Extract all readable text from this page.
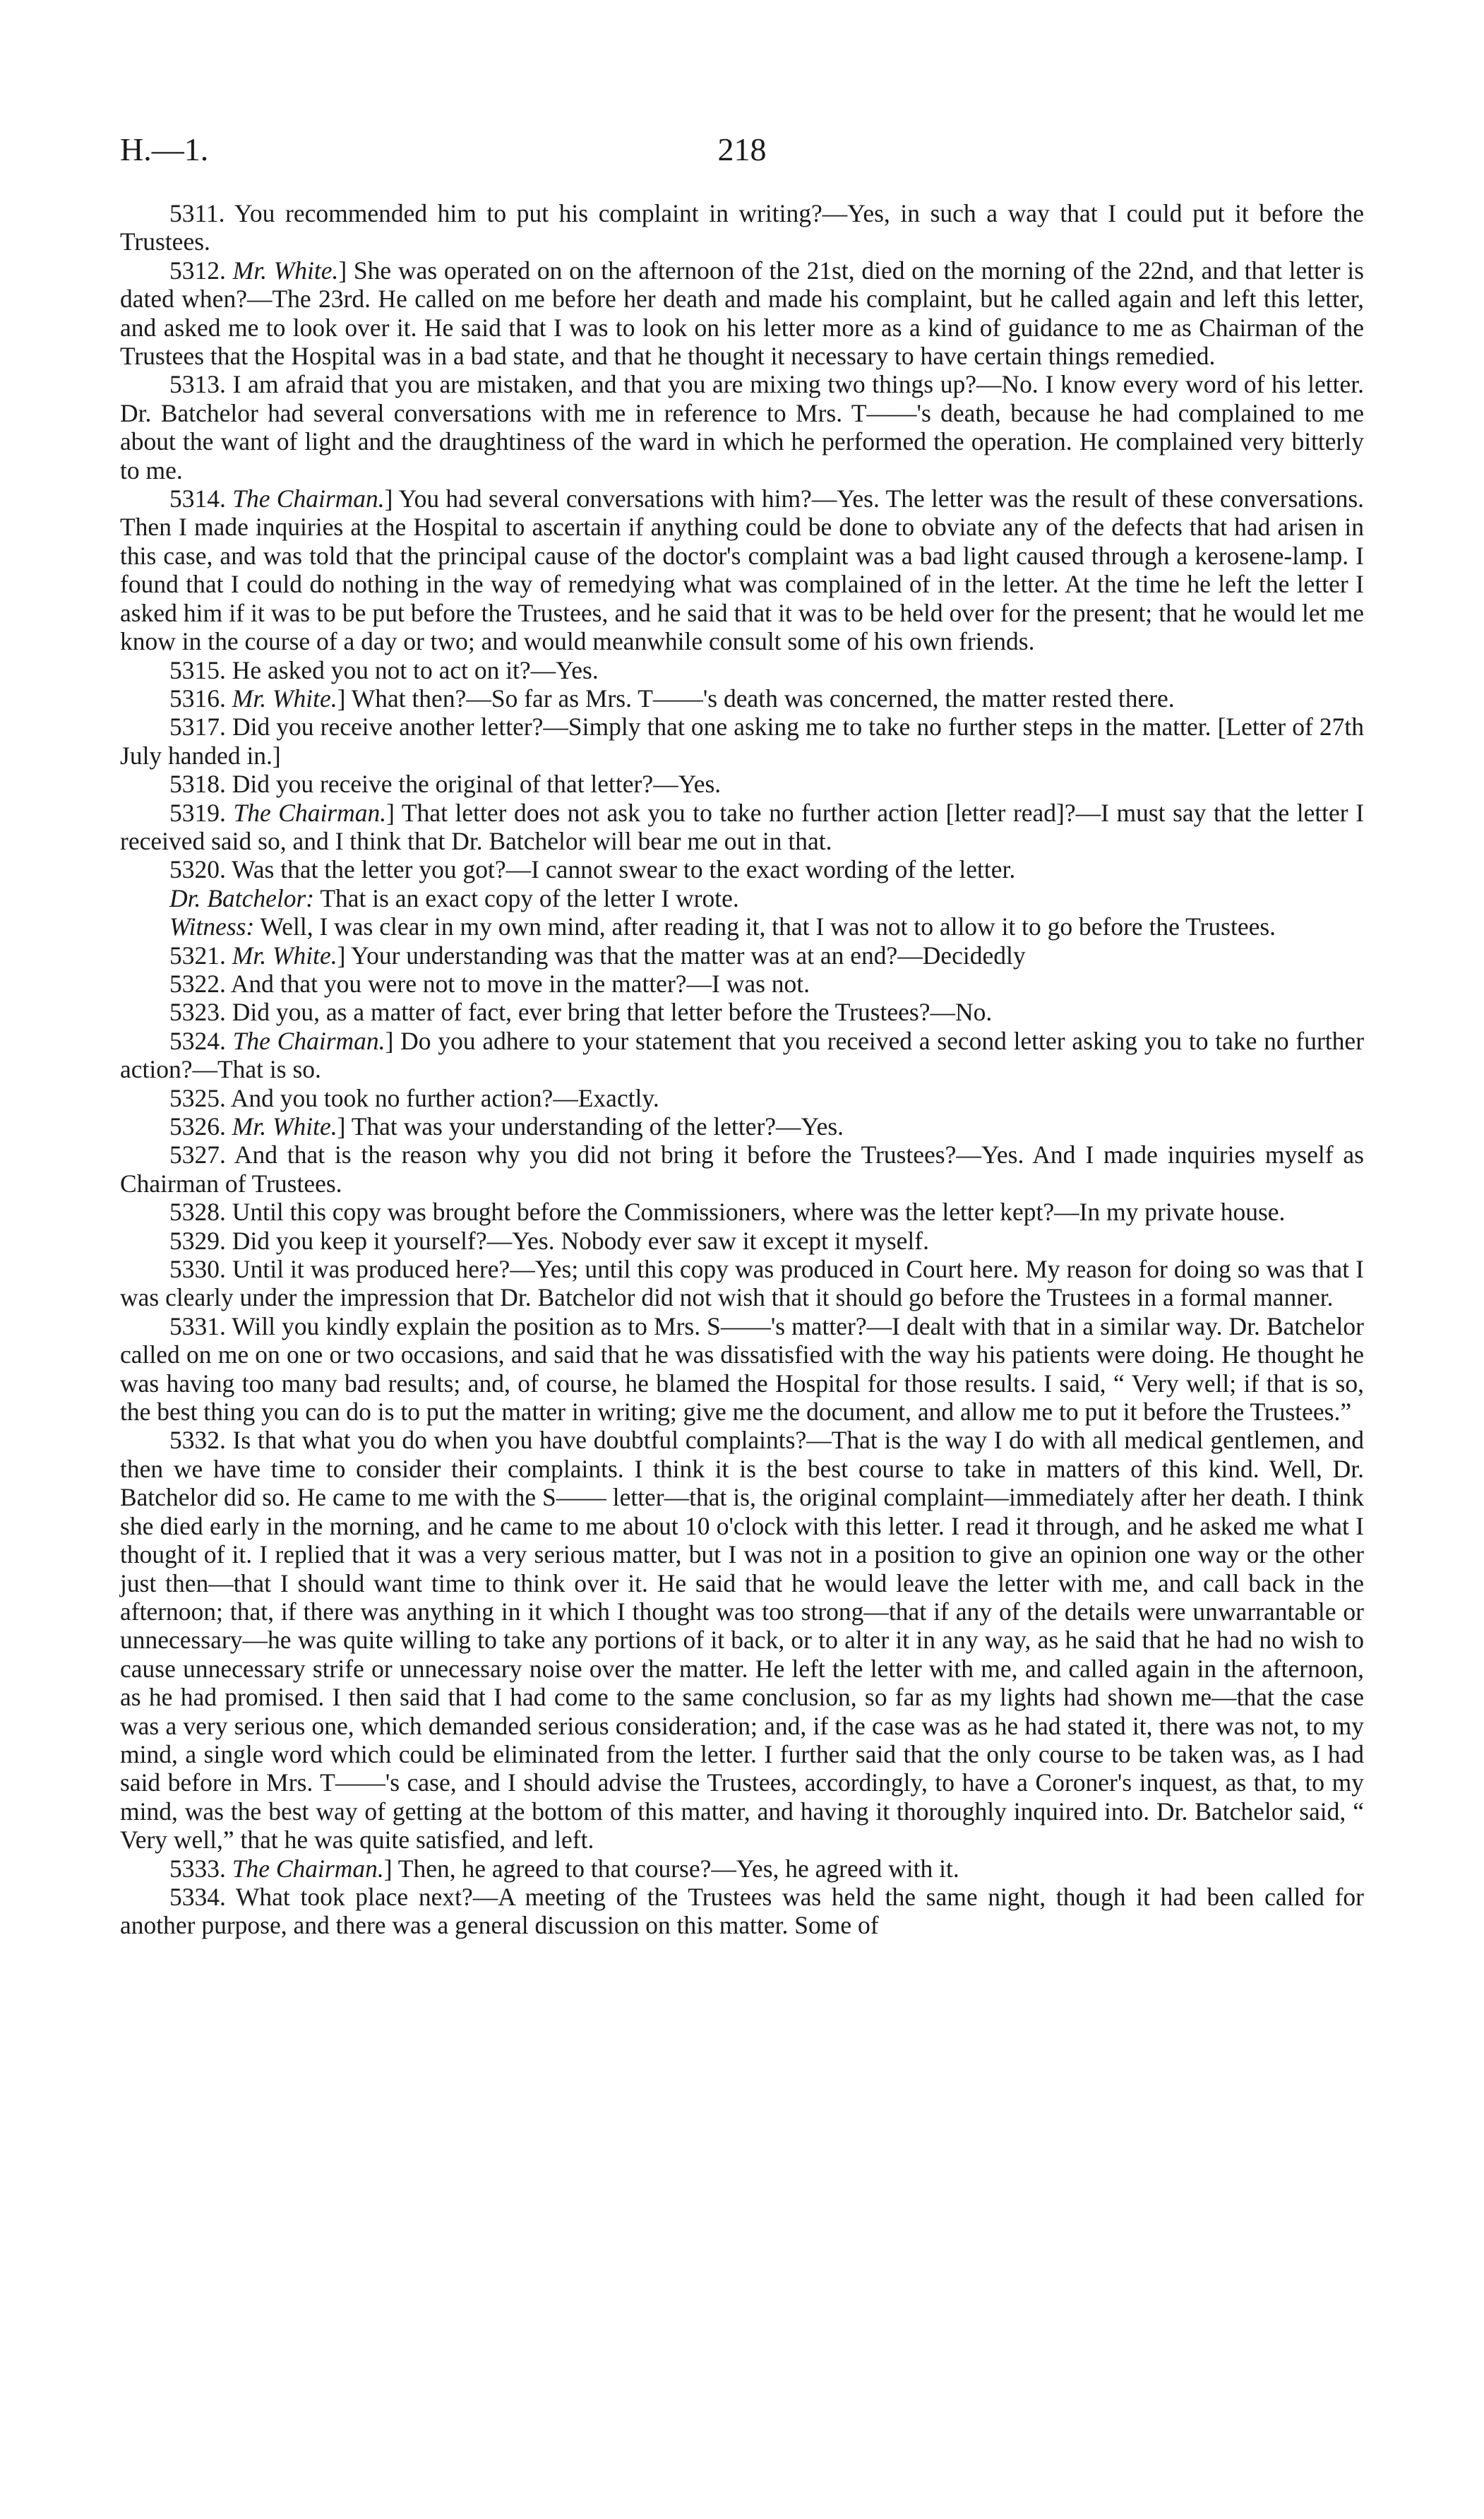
H.—1.	218

5311. You recommended him to put his complaint in writing?—Yes, in such a way that I could put it before the Trustees.

5312. Mr. White.] She was operated on on the afternoon of the 21st, died on the morning of the 22nd, and that letter is dated when?—The 23rd. He called on me before her death and made his complaint, but he called again and left this letter, and asked me to look over it. He said that I was to look on his letter more as a kind of guidance to me as Chairman of the Trustees that the Hospital was in a bad state, and that he thought it necessary to have certain things remedied.

5313. I am afraid that you are mistaken, and that you are mixing two things up?—No. I know every word of his letter. Dr. Batchelor had several conversations with me in reference to Mrs. T——'s death, because he had complained to me about the want of light and the draughtiness of the ward in which he performed the operation. He complained very bitterly to me.

5314. The Chairman.] You had several conversations with him?—Yes. The letter was the result of these conversations. Then I made inquiries at the Hospital to ascertain if anything could be done to obviate any of the defects that had arisen in this case, and was told that the principal cause of the doctor's complaint was a bad light caused through a kerosene-lamp. I found that I could do nothing in the way of remedying what was complained of in the letter. At the time he left the letter I asked him if it was to be put before the Trustees, and he said that it was to be held over for the present; that he would let me know in the course of a day or two; and would meanwhile consult some of his own friends.

5315. He asked you not to act on it?—Yes.

5316. Mr. White.] What then?—So far as Mrs. T——'s death was concerned, the matter rested there.

5317. Did you receive another letter?—Simply that one asking me to take no further steps in the matter. [Letter of 27th July handed in.]

5318. Did you receive the original of that letter?—Yes.

5319. The Chairman.] That letter does not ask you to take no further action [letter read]?—I must say that the letter I received said so, and I think that Dr. Batchelor will bear me out in that.

5320. Was that the letter you got?—I cannot swear to the exact wording of the letter.

Dr. Batchelor: That is an exact copy of the letter I wrote.

Witness: Well, I was clear in my own mind, after reading it, that I was not to allow it to go before the Trustees.

5321. Mr. White.] Your understanding was that the matter was at an end?—Decidedly

5322. And that you were not to move in the matter?—I was not.

5323. Did you, as a matter of fact, ever bring that letter before the Trustees?—No.

5324. The Chairman.] Do you adhere to your statement that you received a second letter asking you to take no further action?—That is so.

5325. And you took no further action?—Exactly.

5326. Mr. White.] That was your understanding of the letter?—Yes.

5327. And that is the reason why you did not bring it before the Trustees?—Yes. And I made inquiries myself as Chairman of Trustees.

5328. Until this copy was brought before the Commissioners, where was the letter kept?—In my private house.

5329. Did you keep it yourself?—Yes. Nobody ever saw it except it myself.

5330. Until it was produced here?—Yes; until this copy was produced in Court here. My reason for doing so was that I was clearly under the impression that Dr. Batchelor did not wish that it should go before the Trustees in a formal manner.

5331. Will you kindly explain the position as to Mrs. S——'s matter?—I dealt with that in a similar way. Dr. Batchelor called on me on one or two occasions, and said that he was dissatisfied with the way his patients were doing. He thought he was having too many bad results; and, of course, he blamed the Hospital for those results. I said, “ Very well; if that is so, the best thing you can do is to put the matter in writing; give me the document, and allow me to put it before the Trustees.”

5332. Is that what you do when you have doubtful complaints?—That is the way I do with all medical gentlemen, and then we have time to consider their complaints. I think it is the best course to take in matters of this kind. Well, Dr. Batchelor did so. He came to me with the S—— letter—that is, the original complaint—immediately after her death. I think she died early in the morning, and he came to me about 10 o'clock with this letter. I read it through, and he asked me what I thought of it. I replied that it was a very serious matter, but I was not in a position to give an opinion one way or the other just then—that I should want time to think over it. He said that he would leave the letter with me, and call back in the afternoon; that, if there was anything in it which I thought was too strong—that if any of the details were unwarrantable or unnecessary—he was quite willing to take any portions of it back, or to alter it in any way, as he said that he had no wish to cause unnecessary strife or unnecessary noise over the matter. He left the letter with me, and called again in the afternoon, as he had promised. I then said that I had come to the same conclusion, so far as my lights had shown me—that the case was a very serious one, which demanded serious consideration; and, if the case was as he had stated it, there was not, to my mind, a single word which could be eliminated from the letter. I further said that the only course to be taken was, as I had said before in Mrs. T——'s case, and I should advise the Trustees, accordingly, to have a Coroner's inquest, as that, to my mind, was the best way of getting at the bottom of this matter, and having it thoroughly inquired into. Dr. Batchelor said, “ Very well,” that he was quite satisfied, and left.

5333. The Chairman.] Then, he agreed to that course?—Yes, he agreed with it.

5334. What took place next?—A meeting of the Trustees was held the same night, though it had been called for another purpose, and there was a general discussion on this matter. Some of
